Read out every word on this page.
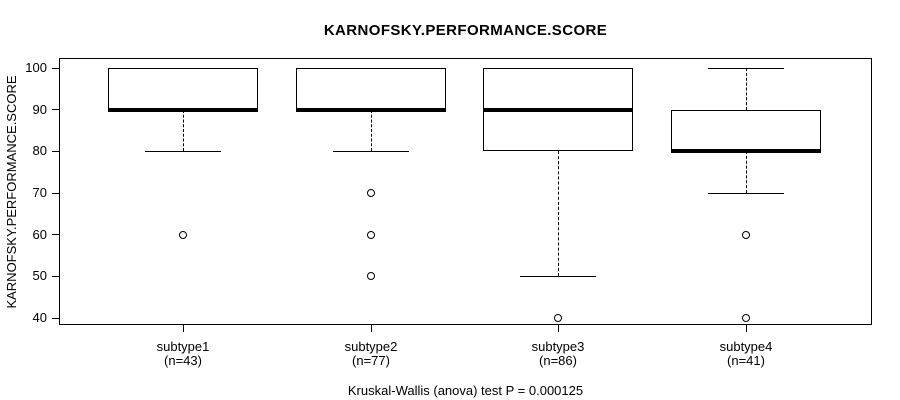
KARNOFSKY.PERFORMANCE.SCORE
KARNOFSKY.PERFORMANCE.SCORE
40
50
60
70
80
90
100
subtype1
(n=43)
subtype2
(n=77)
subtype3
(n=86)
subtype4
(n=41)
Kruskal-Wallis (anova) test P = 0.000125
